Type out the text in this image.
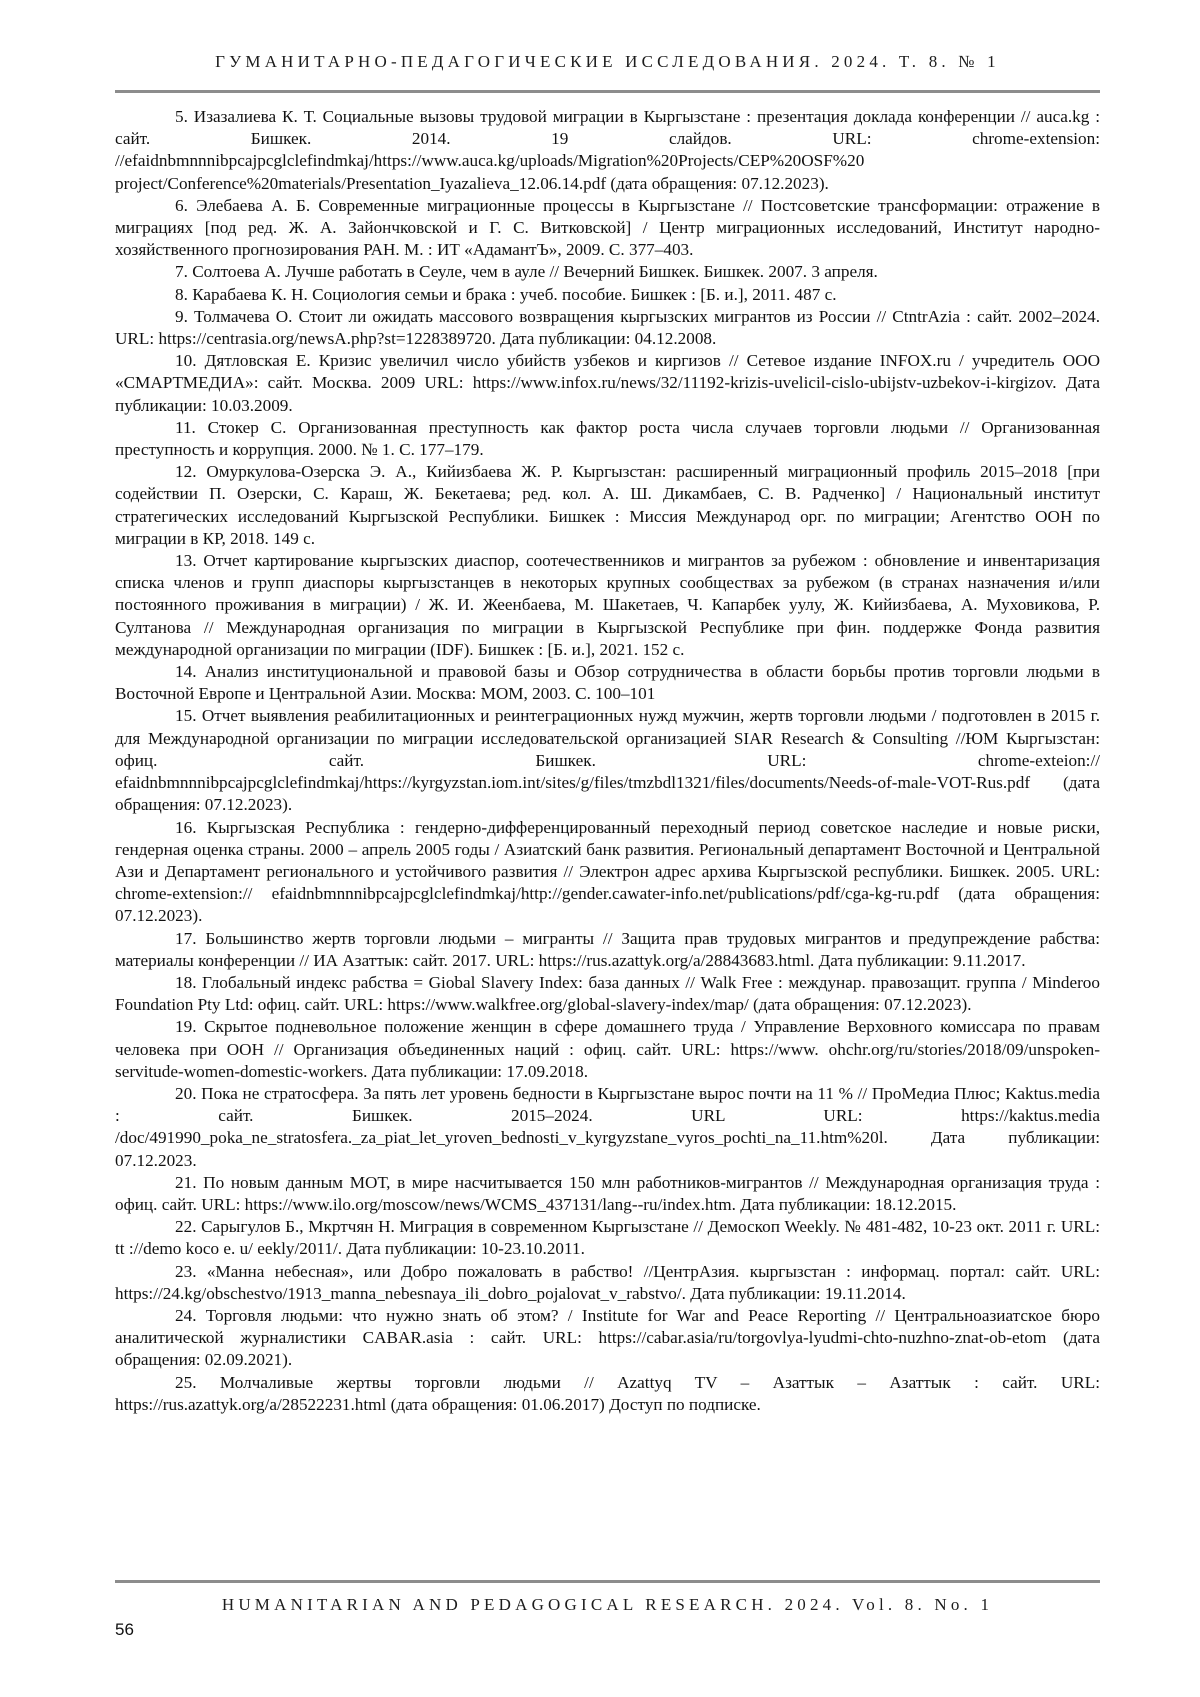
ГУМАНИТАРНО-ПЕДАГОГИЧЕСКИЕ ИССЛЕДОВАНИЯ. 2024. Т. 8. № 1

5. Изазалиева К. Т. Социальные вызовы трудовой миграции в Кыргызстане : презентация доклада конференции // auca.kg : сайт. Бишкек. 2014. 19 слайдов. URL: chrome-extension: //efaidnbmnnnibpcajpcglclefindmkaj/https://www.auca.kg/uploads/Migration%20Projects/CEP%20OSF%20 project/Conference%20materials/Presentation_Iyazalieva_12.06.14.pdf (дата обращения: 07.12.2023).

6. Элебаева А. Б. Современные миграционные процессы в Кыргызстане // Постсоветские трансформации: отражение в миграциях [под ред. Ж. А. Зайончковской и Г. С. Витковской] / Центр миграционных исследований, Институт народно-хозяйственного прогнозирования РАН. М. : ИТ «АдамантЪ», 2009. С. 377–403.

7. Солтоева А. Лучше работать в Сеуле, чем в ауле // Вечерний Бишкек. Бишкек. 2007. 3 апреля.

8. Карабаева К. Н. Социология семьи и брака : учеб. пособие. Бишкек : [Б. и.], 2011. 487 с.

9. Толмачева О. Стоит ли ожидать массового возвращения кыргызских мигрантов из России // CtntrAzia : сайт. 2002–2024. URL: https://centrasia.org/newsA.php?st=1228389720. Дата публикации: 04.12.2008.

10. Дятловская Е. Кризис увеличил число убийств узбеков и киргизов // Сетевое издание INFOX.ru / учредитель ООО «СМАРТМЕДИА»: сайт. Москва. 2009 URL: https://www.infox.ru/news/32/11192-krizis-uvelicil-cislo-ubijstv-uzbekov-i-kirgizov. Дата публикации: 10.03.2009.

11. Стокер С. Организованная преступность как фактор роста числа случаев торговли людьми // Организованная преступность и коррупция. 2000. № 1. С. 177–179.

12. Омуркулова-Озерска Э. А., Кийизбаева Ж. Р. Кыргызстан: расширенный миграционный профиль 2015–2018 [при содействии П. Озерски, С. Караш, Ж. Бекетаева; ред. кол. А. Ш. Дикамбаев, С. В. Радченко] / Национальный институт стратегических исследований Кыргызской Республики. Бишкек : Миссия Международ орг. по миграции; Агентство ООН по миграции в КР, 2018. 149 с.

13. Отчет картирование кыргызских диаспор, соотечественников и мигрантов за рубежом : обновление и инвентаризация списка членов и групп диаспоры кыргызстанцев в некоторых крупных сообществах за рубежом (в странах назначения и/или постоянного проживания в миграции) / Ж. И. Жеенбаева, М. Шакетаев, Ч. Капарбек уулу, Ж. Кийизбаева, А. Муховикова, Р. Султанова // Международная организация по миграции в Кыргызской Республике при фин. поддержке Фонда развития международной организации по миграции (IDF). Бишкек : [Б. и.], 2021. 152 с.

14. Анализ институциональной и правовой базы и Обзор сотрудничества в области борьбы против торговли людьми в Восточной Европе и Центральной Азии. Москва: МОМ, 2003. С. 100–101

15. Отчет выявления реабилитационных и реинтеграционных нужд мужчин, жертв торговли людьми / подготовлен в 2015 г. для Международной организации по миграции исследовательской организацией SIAR Research & Consulting //ЮМ Кыргызстан: офиц. сайт. Бишкек. URL: chrome-exteion:// efaidnbmnnnibpcajpcglclefindmkaj/https://kyrgyzstan.iom.int/sites/g/files/tmzbdl1321/files/documents/Needs-of-male-VOT-Rus.pdf (дата обращения: 07.12.2023).

16. Кыргызская Республика : гендерно-дифференцированный переходный период советское наследие и новые риски, гендерная оценка страны. 2000 – апрель 2005 годы / Азиатский банк развития. Региональный департамент Восточной и Центральной Ази и Департамент регионального и устойчивого развития // Электрон адрес архива Кыргызской республики. Бишкек. 2005. URL: chrome-extension:// efaidnbmnnnibpcajpcglclefindmkaj/http://gender.cawater-info.net/publications/pdf/cga-kg-ru.pdf (дата обращения: 07.12.2023).

17. Большинство жертв торговли людьми – мигранты // Защита прав трудовых мигрантов и предупреждение рабства: материалы конференции // ИА Азаттык: сайт. 2017. URL: https://rus.azattyk.org/a/28843683.html. Дата публикации: 9.11.2017.

18. Глобальный индекс рабства = Giobal Slavery Index: база данных // Walk Free : междунар. правозащит. группа / Minderoo Foundation Pty Ltd: офиц. сайт. URL: https://www.walkfree.org/global-slavery-index/map/ (дата обращения: 07.12.2023).

19. Скрытое подневольное положение женщин в сфере домашнего труда / Управление Верховного комиссара по правам человека при ООН // Организация объединенных наций : офиц. сайт. URL: https://www. ohchr.org/ru/stories/2018/09/unspoken-servitude-women-domestic-workers. Дата публикации: 17.09.2018.

20. Пока не стратосфера. За пять лет уровень бедности в Кыргызстане вырос почти на 11 % // ПроМедиа Плюс; Kaktus.media : сайт. Бишкек. 2015–2024. URL URL: https://kaktus.media /doc/491990_poka_ne_stratosfera._za_piat_let_yroven_bednosti_v_kyrgyzstane_vyros_pochti_na_11.htm%20l. Дата публикации: 07.12.2023.

21. По новым данным МОТ, в мире насчитывается 150 млн работников-мигрантов // Международная организация труда : офиц. сайт. URL: https://www.ilo.org/moscow/news/WCMS_437131/lang--ru/index.htm. Дата публикации: 18.12.2015.

22. Сарыгулов Б., Мкртчян Н. Миграция в современном Кыргызстане // Демоскоп Weekly. № 481-482, 10-23 окт. 2011 г. URL: tt ://demo koco e. u/ eekly/2011/. Дата публикации: 10-23.10.2011.

23. «Манна небесная», или Добро пожаловать в рабство! //ЦентрАзия. кыргызстан : информац. портал: сайт. URL: https://24.kg/obschestvo/1913_manna_nebesnaya_ili_dobro_pojalovat_v_rabstvo/. Дата публикации: 19.11.2014.

24. Торговля людьми: что нужно знать об этом? / Institute for War and Peace Reporting // Центральноазиатское бюро аналитической журналистики CABAR.asia : сайт. URL: https://cabar.asia/ru/torgovlya-lyudmi-chto-nuzhno-znat-ob-etom (дата обращения: 02.09.2021).

25. Молчаливые жертвы торговли людьми // Azattyq TV – Азаттык – Азаттык : сайт. URL: https://rus.azattyk.org/a/28522231.html (дата обращения: 01.06.2017) Доступ по подписке.

HUMANITARIAN AND PEDAGOGICAL RESEARCH. 2024. Vol. 8. No. 1
56
